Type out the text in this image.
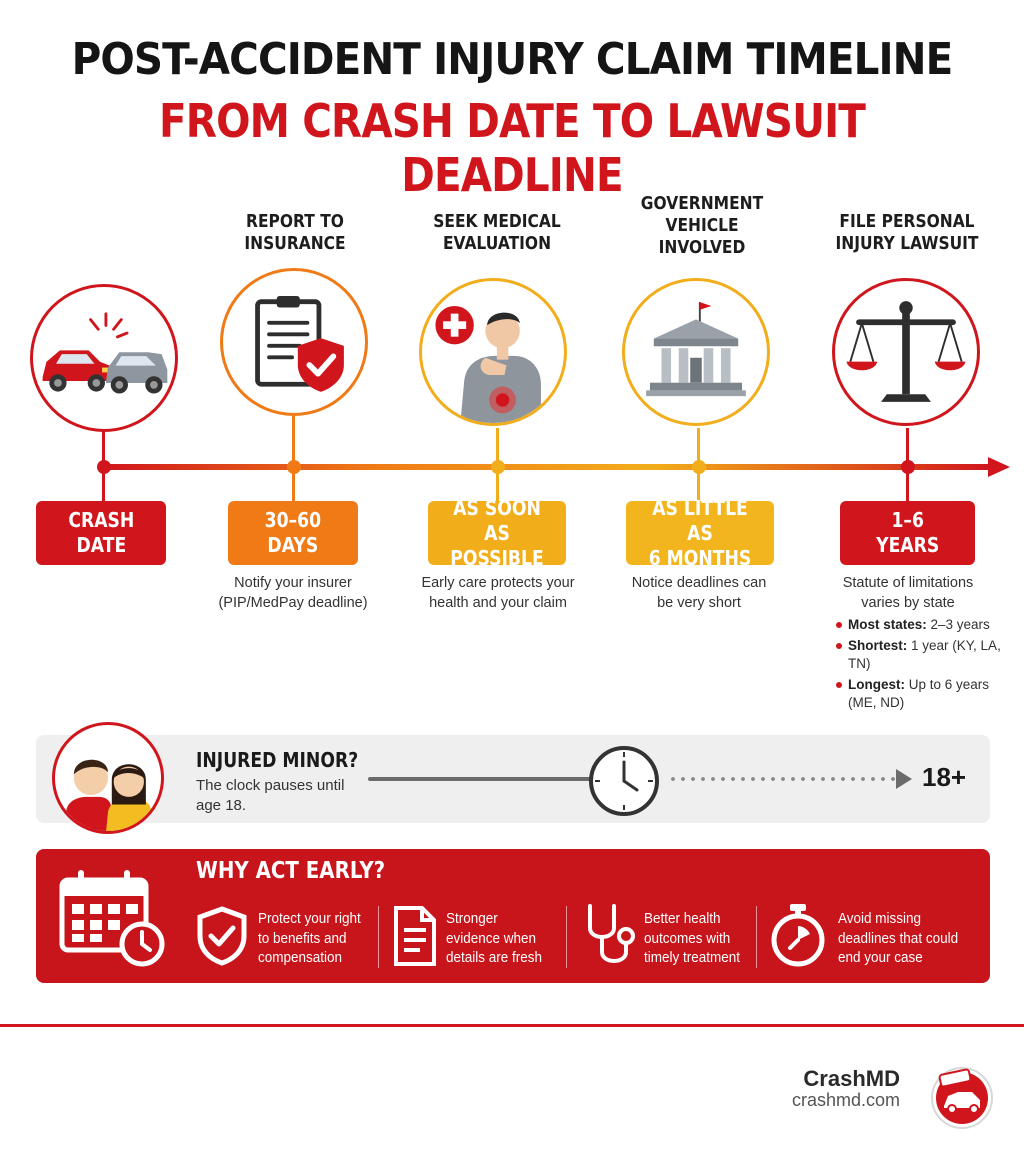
POST-ACCIDENT INJURY CLAIM TIMELINE
FROM CRASH DATE TO LAWSUIT DEADLINE
REPORT TO INSURANCE
SEEK MEDICAL EVALUATION
GOVERNMENT VEHICLE INVOLVED
FILE PERSONAL INJURY LAWSUIT
CRASH
DATE
30–60
DAYS
AS SOON AS
POSSIBLE
AS LITTLE AS
6 MONTHS
1–6
YEARS
Notify your insurer (PIP/MedPay deadline)
Early care protects your health and your claim
Notice deadlines can be very short
Statute of limitations varies by state
Most states: 2–3 years
Shortest: 1 year (KY, LA, TN)
Longest: Up to 6 years (ME, ND)
INJURED MINOR?
The clock pauses until age 18.
18+
WHY ACT EARLY?
Protect your right to benefits and compensation
Stronger evidence when details are fresh
Better health outcomes with timely treatment
Avoid missing deadlines that could end your case
CrashMD
crashmd.com
